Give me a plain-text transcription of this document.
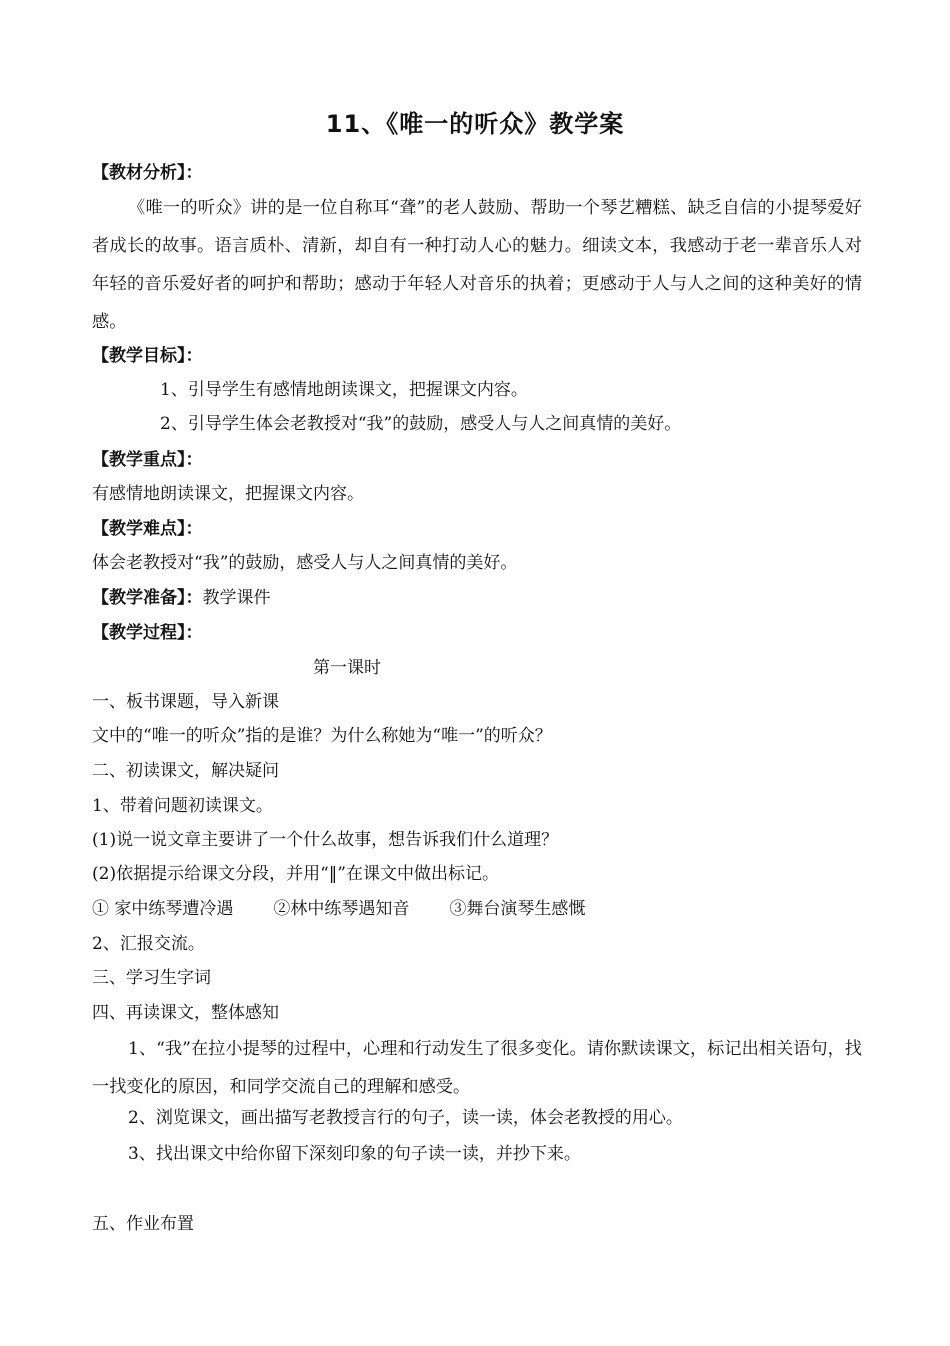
11、《唯一的听众》教学案
【教材分析】：
《唯一的听众》讲的是一位自称耳“聋”的老人鼓励、帮助一个琴艺糟糕、缺乏自信的小提琴爱好者成长的故事。语言质朴、清新，却自有一种打动人心的魅力。细读文本，我感动于老一辈音乐人对年轻的音乐爱好者的呵护和帮助；感动于年轻人对音乐的执着；更感动于人与人之间的这种美好的情感。
【教学目标】：
1、引导学生有感情地朗读课文，把握课文内容。
2、引导学生体会老教授对“我”的鼓励，感受人与人之间真情的美好。
【教学重点】：
有感情地朗读课文，把握课文内容。
【教学难点】：
体会老教授对“我”的鼓励，感受人与人之间真情的美好。
【教学准备】：教学课件
【教学过程】：
第一课时
一、板书课题，导入新课
文中的“唯一的听众”指的是谁？为什么称她为“唯一”的听众？
二、初读课文，解决疑问
1、带着问题初读课文。
(1)说一说文章主要讲了一个什么故事，想告诉我们什么道理？
(2)依据提示给课文分段，并用“‖”在课文中做出标记。
① 家中练琴遭冷遇 ②林中练琴遇知音 ③舞台演琴生感慨
2、汇报交流。
三、学习生字词
四、再读课文，整体感知
1、“我”在拉小提琴的过程中，心理和行动发生了很多变化。请你默读课文，标记出相关语句，找一找变化的原因，和同学交流自己的理解和感受。
2、浏览课文，画出描写老教授言行的句子，读一读，体会老教授的用心。
3、找出课文中给你留下深刻印象的句子读一读，并抄下来。
五、作业布置
